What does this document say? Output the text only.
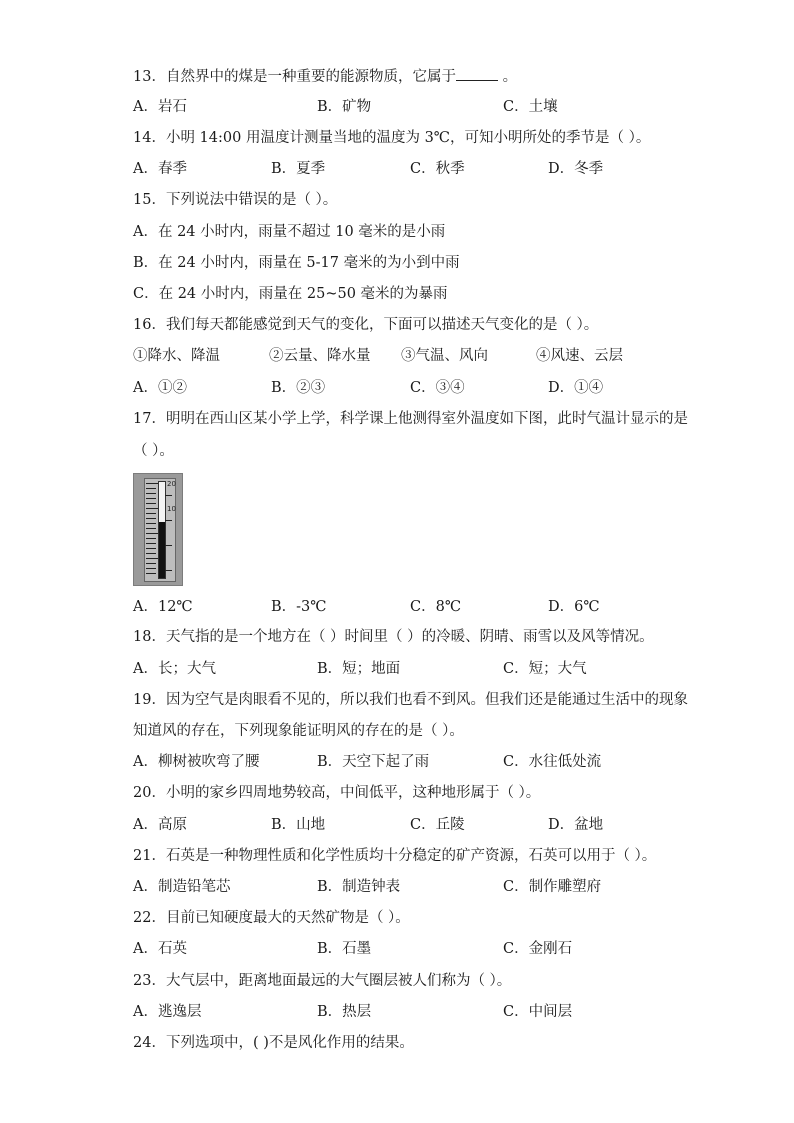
13．自然界中的煤是一种重要的能源物质，它属于	。
A．岩石	B．矿物	C．土壤
14．小明 14:00 用温度计测量当地的温度为 3℃，可知小明所处的季节是（ ）。
A．春季	B．夏季	C．秋季	D．冬季
15．下列说法中错误的是（ ）。
A．在 24 小时内，雨量不超过 10 毫米的是小雨
B．在 24 小时内，雨量在 5-17 毫米的为小到中雨
C．在 24 小时内，雨量在 25~50 毫米的为暴雨
16．我们每天都能感觉到天气的变化，下面可以描述天气变化的是（ ）。
①降水、降温	②云量、降水量 ③气温、风向	④风速、云层
A．①②	B．②③	C．③④	D．①④
17．明明在西山区某小学上学，科学课上他测得室外温度如下图，此时气温计显示的是
（ ）。
20
10
A．12℃	B．-3℃	C．8℃	D．6℃
18．天气指的是一个地方在（ ）时间里（ ）的冷暖、阴晴、雨雪以及风等情况。
A．长；大气	B．短；地面	C．短；大气
19．因为空气是肉眼看不见的，所以我们也看不到风。但我们还是能通过生活中的现象
知道风的存在，下列现象能证明风的存在的是（ ）。
A．柳树被吹弯了腰	B．天空下起了雨	C．水往低处流
20．小明的家乡四周地势较高，中间低平，这种地形属于（ ）。
A．高原	B．山地	C．丘陵	D．盆地
21．石英是一种物理性质和化学性质均十分稳定的矿产资源，石英可以用于（ ）。
A．制造铅笔芯	B．制造钟表	C．制作雕塑府
22．目前已知硬度最大的天然矿物是（ ）。
A．石英	B．石墨	C．金刚石
23．大气层中，距离地面最远的大气圈层被人们称为（ ）。
A．逃逸层	B．热层	C．中间层
24．下列选项中，( )不是风化作用的结果。
